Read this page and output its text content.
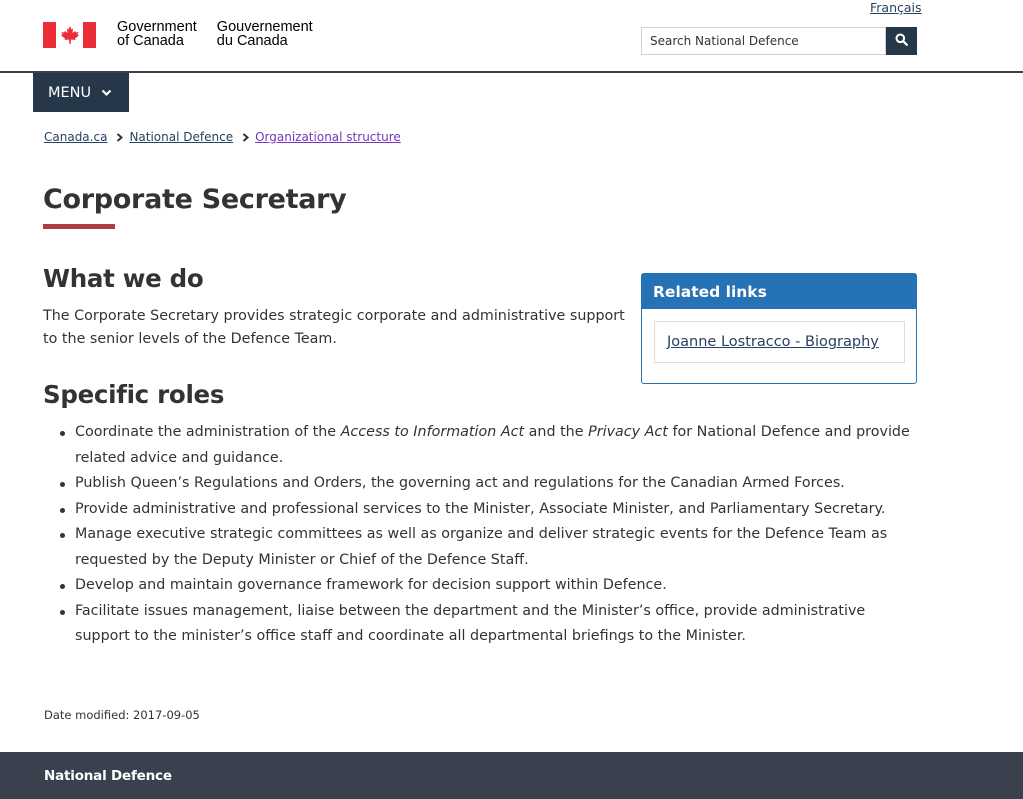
Français
Government
of Canada
Gouvernement
du Canada
Search National Defence
MENU
Canada.ca National Defence Organizational structure
Corporate Secretary
What we do

The Corporate Secretary provides strategic corporate and administrative support to the senior levels of the Defence Team.

Related links
Joanne Lostracco - Biography
Specific roles
Coordinate the administration of the Access to Information Act and the Privacy Act for National Defence and provide related advice and guidance.
Publish Queen’s Regulations and Orders, the governing act and regulations for the Canadian Armed Forces.
Provide administrative and professional services to the Minister, Associate Minister, and Parliamentary Secretary.
Manage executive strategic committees as well as organize and deliver strategic events for the Defence Team as requested by the Deputy Minister or Chief of the Defence Staff.
Develop and maintain governance framework for decision support within Defence.
Facilitate issues management, liaise between the department and the Minister’s office, provide administrative support to the minister’s office staff and coordinate all departmental briefings to the Minister.
Date modified: 2017-09-05
National Defence
